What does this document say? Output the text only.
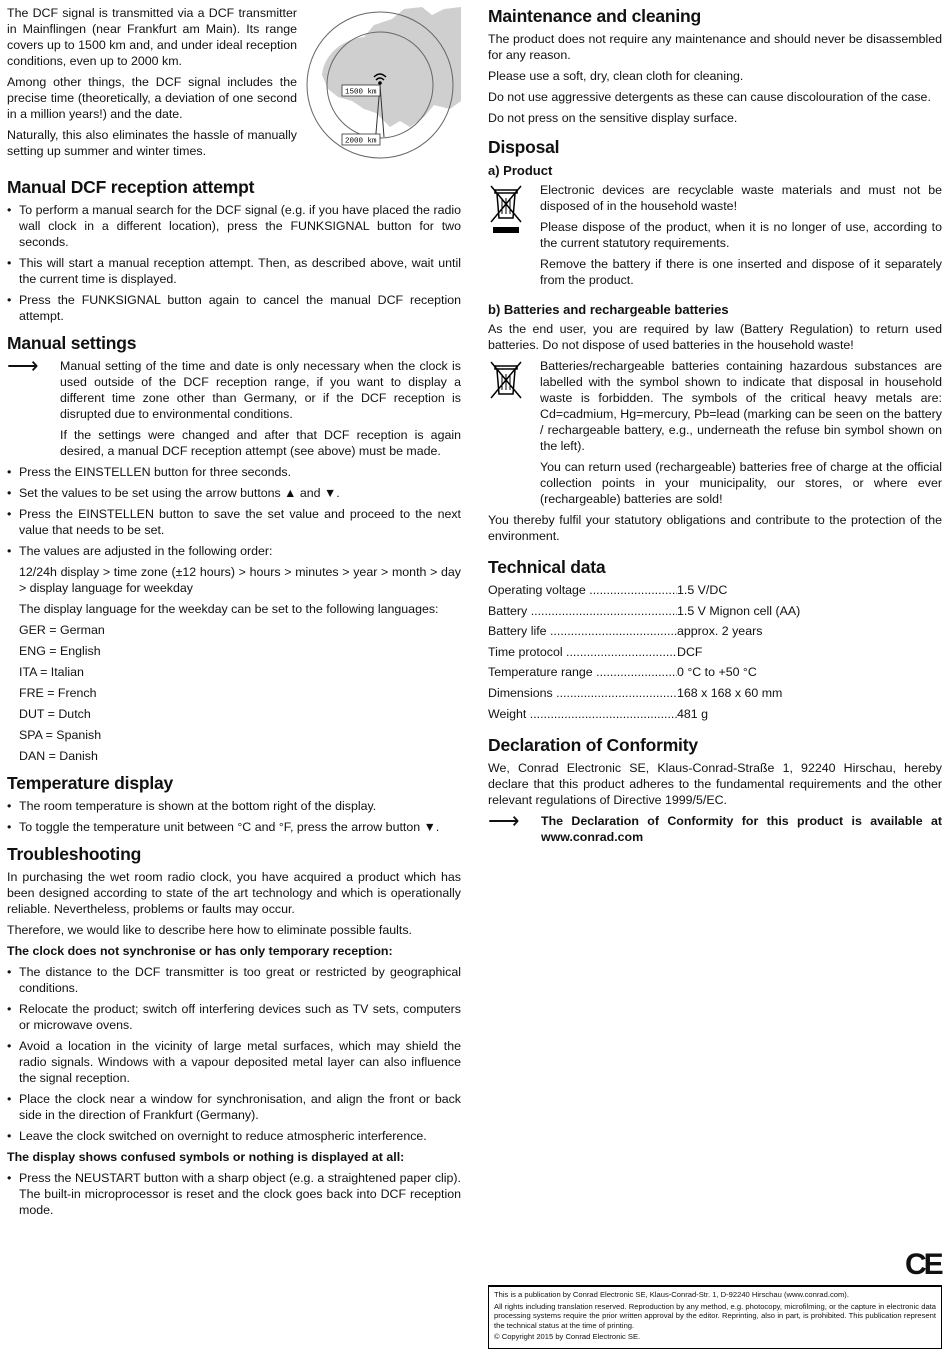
The DCF signal is transmitted via a DCF transmitter in Mainflingen (near Frankfurt am Main). Its range covers up to 1500 km and, and under ideal reception conditions, even up to 2000 km.

Among other things, the DCF signal includes the precise time (theoretically, a deviation of one second in a million years!) and the date.

Naturally, this also eliminates the hassle of manually setting up summer and winter times.

1500 km
2000 km
Manual DCF reception attempt
• To perform a manual search for the DCF signal (e.g. if you have placed the radio wall clock in a different location), press the FUNKSIGNAL button for two seconds.
• This will start a manual reception attempt. Then, as described above, wait until the current time is displayed.
• Press the FUNKSIGNAL button again to cancel the manual DCF reception attempt.
Manual settings
⟶	Manual setting of the time and date is only necessary when the clock is used outside of the DCF reception range, if you want to display a different time zone other than Germany, or if the DCF reception is disrupted due to environmental conditions.

If the settings were changed and after that DCF reception is again desired, a manual DCF reception attempt (see above) must be made.

• Press the EINSTELLEN button for three seconds.
• Set the values to be set using the arrow buttons ▲ and ▼.
• Press the EINSTELLEN button to save the set value and proceed to the next value that needs to be set.
• The values are adjusted in the following order:

12/24h display > time zone (±12 hours) > hours > minutes > year > month > day > display language for weekday

The display language for the weekday can be set to the following languages:

GER = German

ENG = English

ITA = Italian

FRE = French

DUT = Dutch

SPA = Spanish

DAN = Danish

Temperature display
• The room temperature is shown at the bottom right of the display.
• To toggle the temperature unit between °C and °F, press the arrow button ▼.
Troubleshooting

In purchasing the wet room radio clock, you have acquired a product which has been designed according to state of the art technology and which is operationally reliable. Nevertheless, problems or faults may occur.

Therefore, we would like to describe here how to eliminate possible faults.

The clock does not synchronise or has only temporary reception:

• The distance to the DCF transmitter is too great or restricted by geographical conditions.
• Relocate the product; switch off interfering devices such as TV sets, computers or microwave ovens.
• Avoid a location in the vicinity of large metal surfaces, which may shield the radio signals. Windows with a vapour deposited metal layer can also influence the signal reception.
• Place the clock near a window for synchronisation, and align the front or back side in the direction of Frankfurt (Germany).
• Leave the clock switched on overnight to reduce atmospheric interference.

The display shows confused symbols or nothing is displayed at all:

• Press the NEUSTART button with a sharp object (e.g. a straightened paper clip). The built-in microprocessor is reset and the clock goes back into DCF reception mode.
Maintenance and cleaning

The product does not require any maintenance and should never be disassembled for any reason.

Please use a soft, dry, clean cloth for cleaning.

Do not use aggressive detergents as these can cause discolouration of the case.

Do not press on the sensitive display surface.

Disposal
a) Product

Electronic devices are recyclable waste materials and must not be disposed of in the household waste!

Please dispose of the product, when it is no longer of use, according to the current statutory requirements.

Remove the battery if there is one inserted and dispose of it separately from the product.

b) Batteries and rechargeable batteries

As the end user, you are required by law (Battery Regulation) to return used batteries. Do not dispose of used batteries in the household waste!

Batteries/rechargeable batteries containing hazardous substances are labelled with the symbol shown to indicate that disposal in household waste is forbidden. The symbols of the critical heavy metals are: Cd=cadmium, Hg=mercury, Pb=lead (marking can be seen on the battery / rechargeable battery, e.g., underneath the refuse bin symbol shown on the left).

You can return used (rechargeable) batteries free of charge at the official collection points in your municipality, our stores, or where ever (rechargeable) batteries are sold!

You thereby fulfil your statutory obligations and contribute to the protection of the environment.

Technical data
Operating voltage .....	1.5 V/DC
Battery .....	1.5 V Mignon cell (AA)
Battery life .....	approx. 2 years
Time protocol .....	DCF
Temperature range .....	0 °C to +50 °C
Dimensions .....	168 x 168 x 60 mm
Weight .....	481 g
Declaration of Conformity

We, Conrad Electronic SE, Klaus-Conrad-Straße 1, 92240 Hirschau, hereby declare that this product adheres to the fundamental requirements and the other relevant regulations of Directive 1999/5/EC.

⟶	The Declaration of Conformity for this product is available at www.conrad.com

CE

This is a publication by Conrad Electronic SE, Klaus-Conrad-Str. 1, D-92240 Hirschau (www.conrad.com).

All rights including translation reserved. Reproduction by any method, e.g. photocopy, microfilming, or the capture in electronic data processing systems require the prior written approval by the editor. Reprinting, also in part, is prohibited. This publication represent the technical status at the time of printing.

© Copyright 2015 by Conrad Electronic SE.
